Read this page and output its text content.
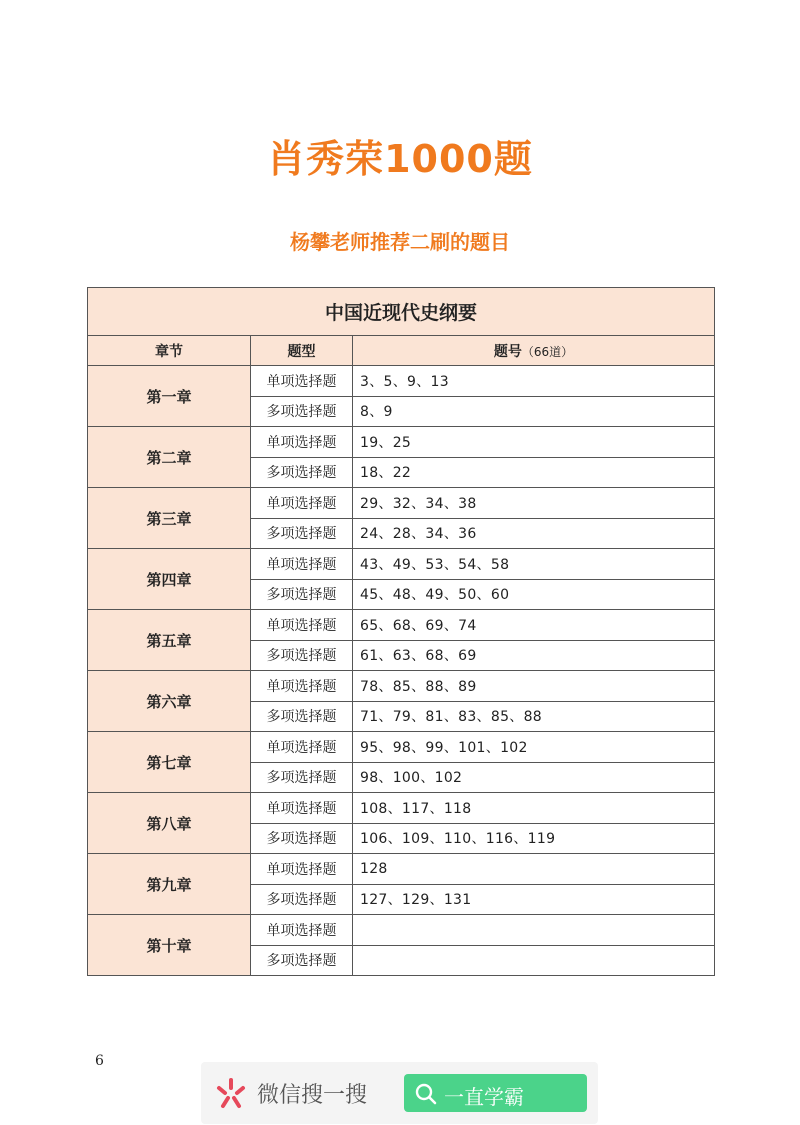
肖秀荣1000题
杨攀老师推荐二刷的题目
中国近现代史纲要		
章节	题型	题号（66道）
第一章	单项选择题	3、5、9、13
	多项选择题	8、9
第二章	单项选择题	19、25
	多项选择题	18、22
第三章	单项选择题	29、32、34、38
	多项选择题	24、28、34、36
第四章	单项选择题	43、49、53、54、58
	多项选择题	45、48、49、50、60
第五章	单项选择题	65、68、69、74
	多项选择题	61、63、68、69
第六章	单项选择题	78、85、88、89
	多项选择题	71、79、81、83、85、88
第七章	单项选择题	95、98、99、101、102
	多项选择题	98、100、102
第八章	单项选择题	108、117、118
	多项选择题	106、109、110、116、119
第九章	单项选择题	128
	多项选择题	127、129、131
第十章	单项选择题	
	多项选择题	
6
微信搜一搜	一直学霸
